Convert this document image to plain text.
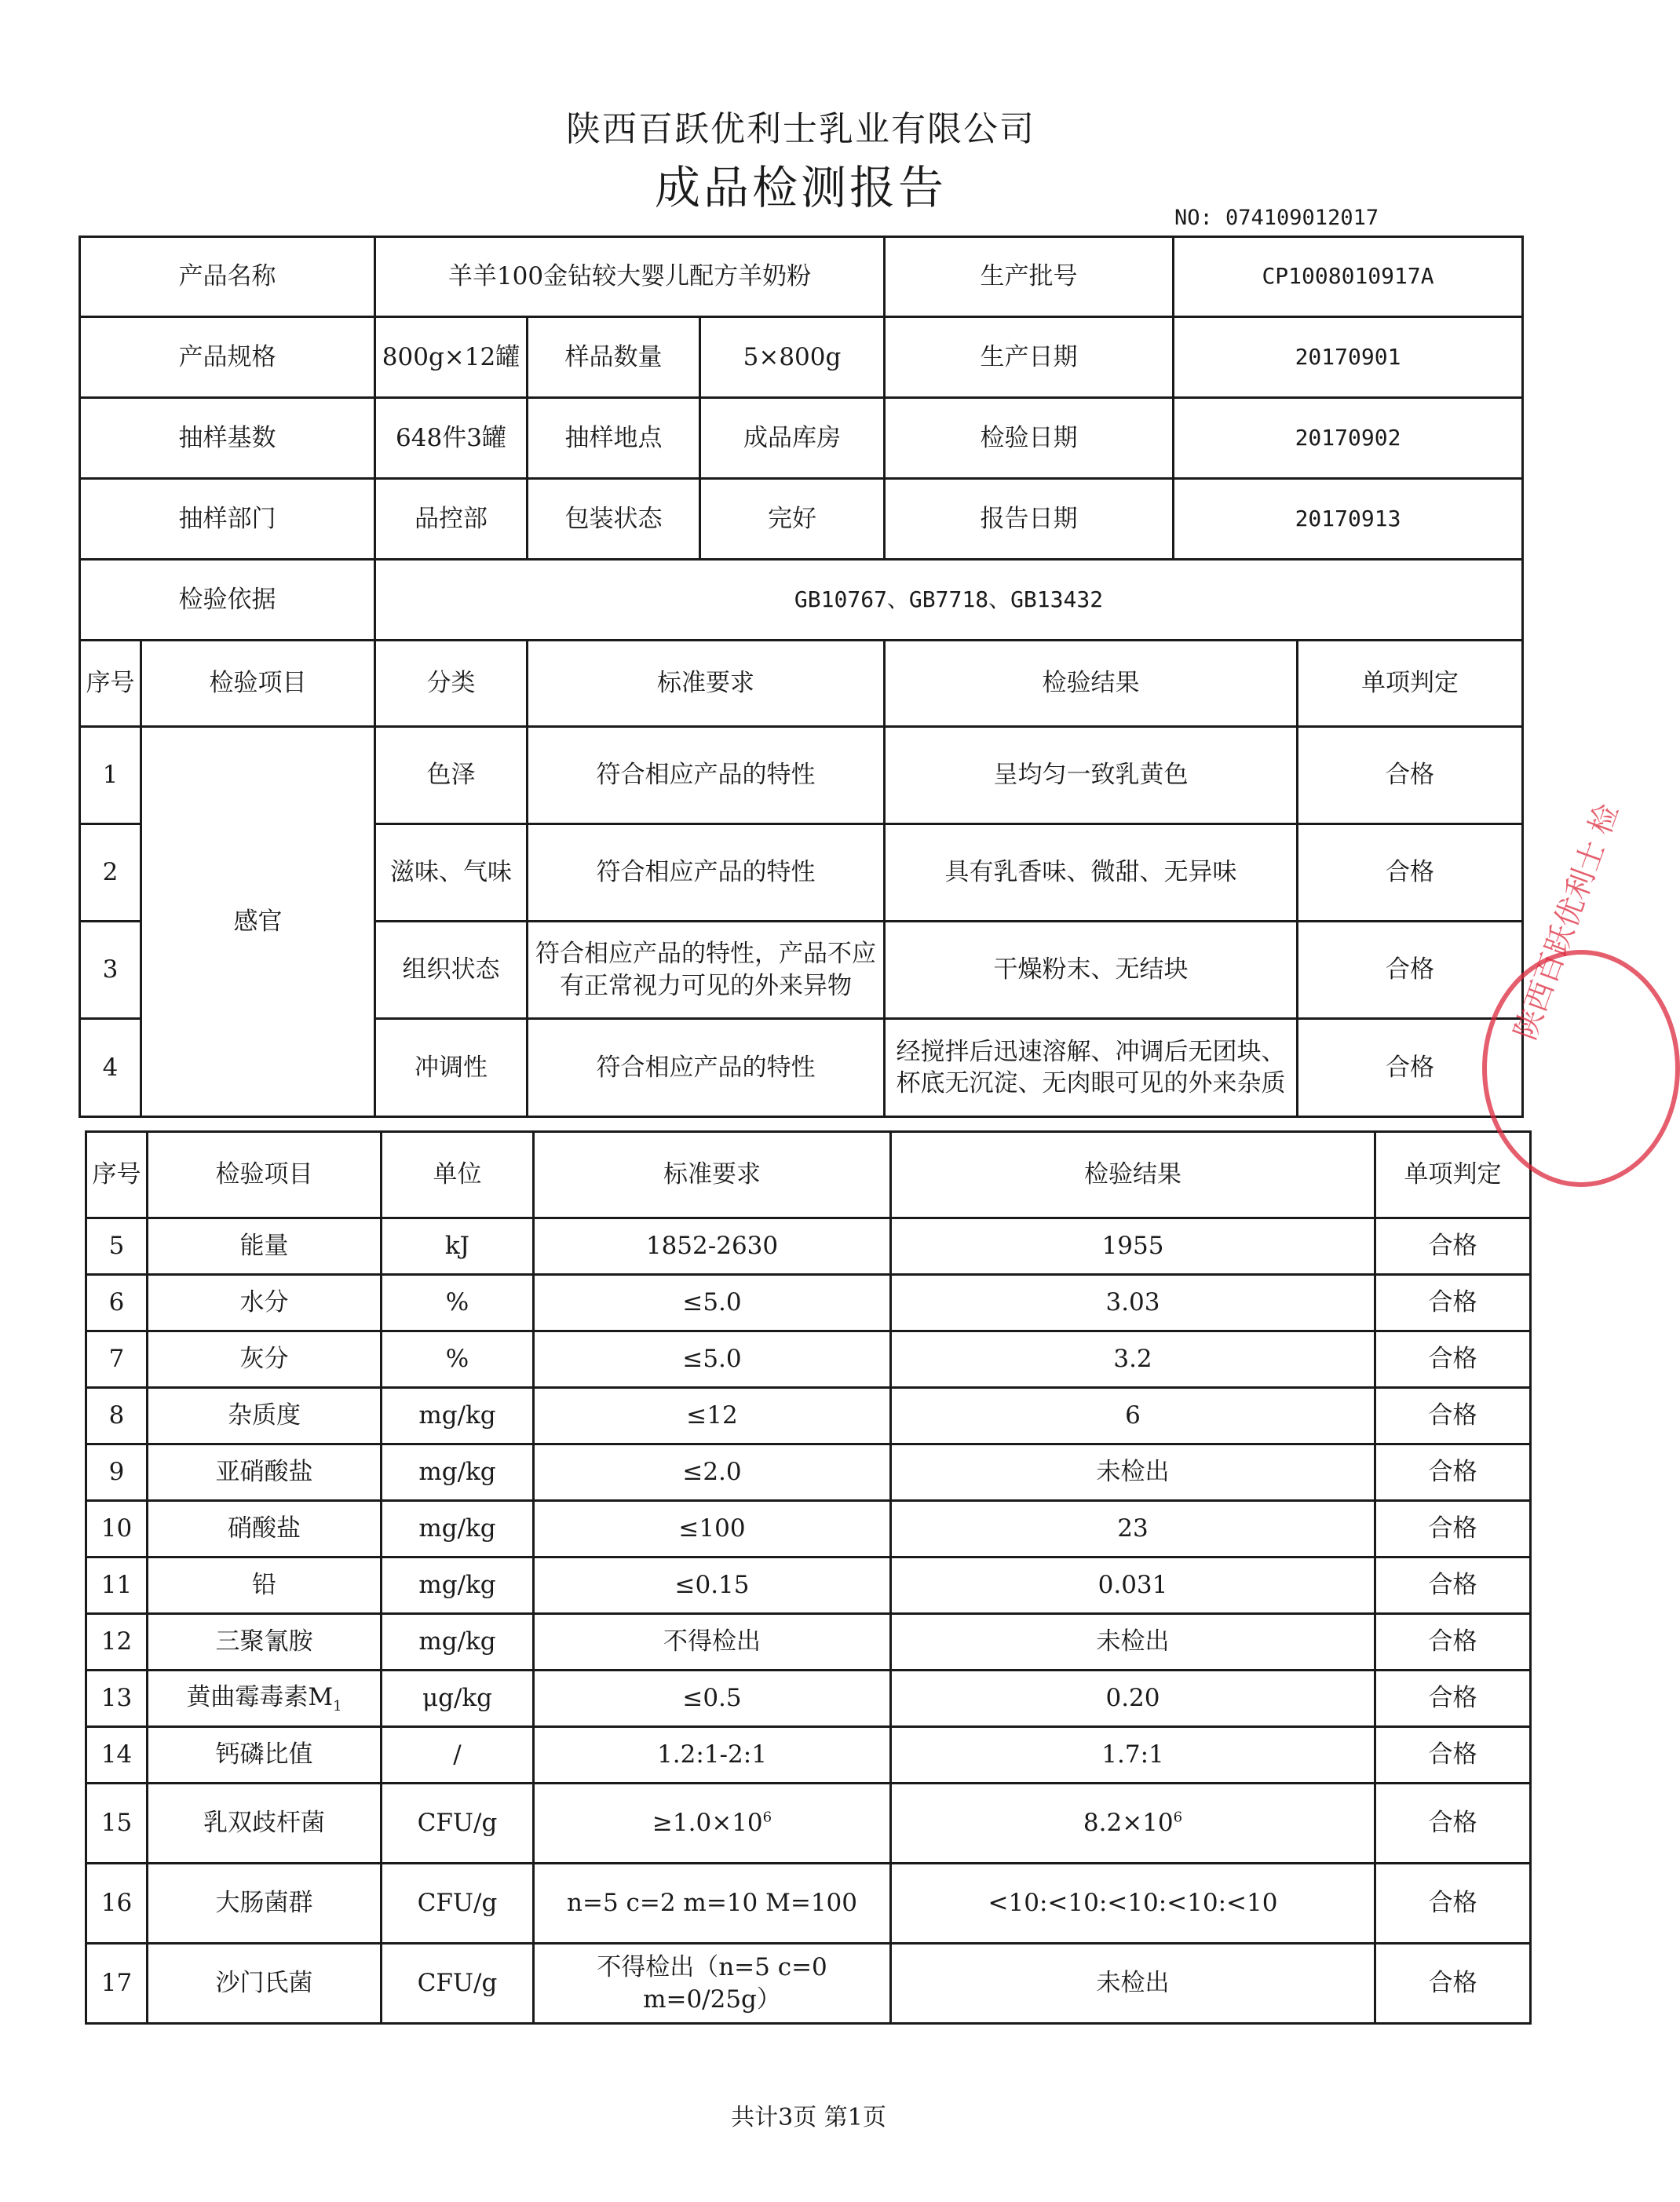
陕西百跃优利士乳业有限公司
成品检测报告
NO: 074109012017
产品名称		羊羊100金钻较大婴儿配方羊奶粉			生产批号	CP1008010917A	
产品规格		800g×12罐	样品数量	5×800g	生产日期	20170901	
抽样基数		648件3罐	抽样地点	成品库房	检验日期	20170902	
抽样部门		品控部	包装状态	完好	报告日期	20170913	
检验依据		GB10767、GB7718、GB13432					
序号	检验项目	分类	标准要求		检验结果		单项判定
1	感官	色泽	符合相应产品的特性		呈均匀一致乳黄色		合格
2		滋味、气味	符合相应产品的特性		具有乳香味、微甜、无异味		合格
3		组织状态	符合相应产品的特性，产品不应有正常视力可见的外来异物		干燥粉末、无结块		合格
4		冲调性	符合相应产品的特性		经搅拌后迅速溶解、冲调后无团块、杯底无沉淀、无肉眼可见的外来杂质		合格
序号	检验项目	单位	标准要求	检验结果	单项判定
5	能量	kJ	1852-2630	1955	合格
6	水分	%	≤5.0	3.03	合格
7	灰分	%	≤5.0	3.2	合格
8	杂质度	mg/kg	≤12	6	合格
9	亚硝酸盐	mg/kg	≤2.0	未检出	合格
10	硝酸盐	mg/kg	≤100	23	合格
11	铅	mg/kg	≤0.15	0.031	合格
12	三聚氰胺	mg/kg	不得检出	未检出	合格
13	黄曲霉毒素$M_1$	μg/kg	≤0.5	0.20	合格
14	钙磷比值	/	1.2:1-2:1	1.7:1	合格
15	乳双歧杆菌	CFU/g	$\ge 1.0\times 10^6$	$8.2\times 10^6$	合格
16	大肠菌群	CFU/g	n=5 c=2 m=10 M=100	<10:<10:<10:<10:<10	合格
17	沙门氏菌	CFU/g	不得检出（n=5 c=0 m=0/25g）	未检出	合格
陕西百跃优利士 检
共计3页 第1页
